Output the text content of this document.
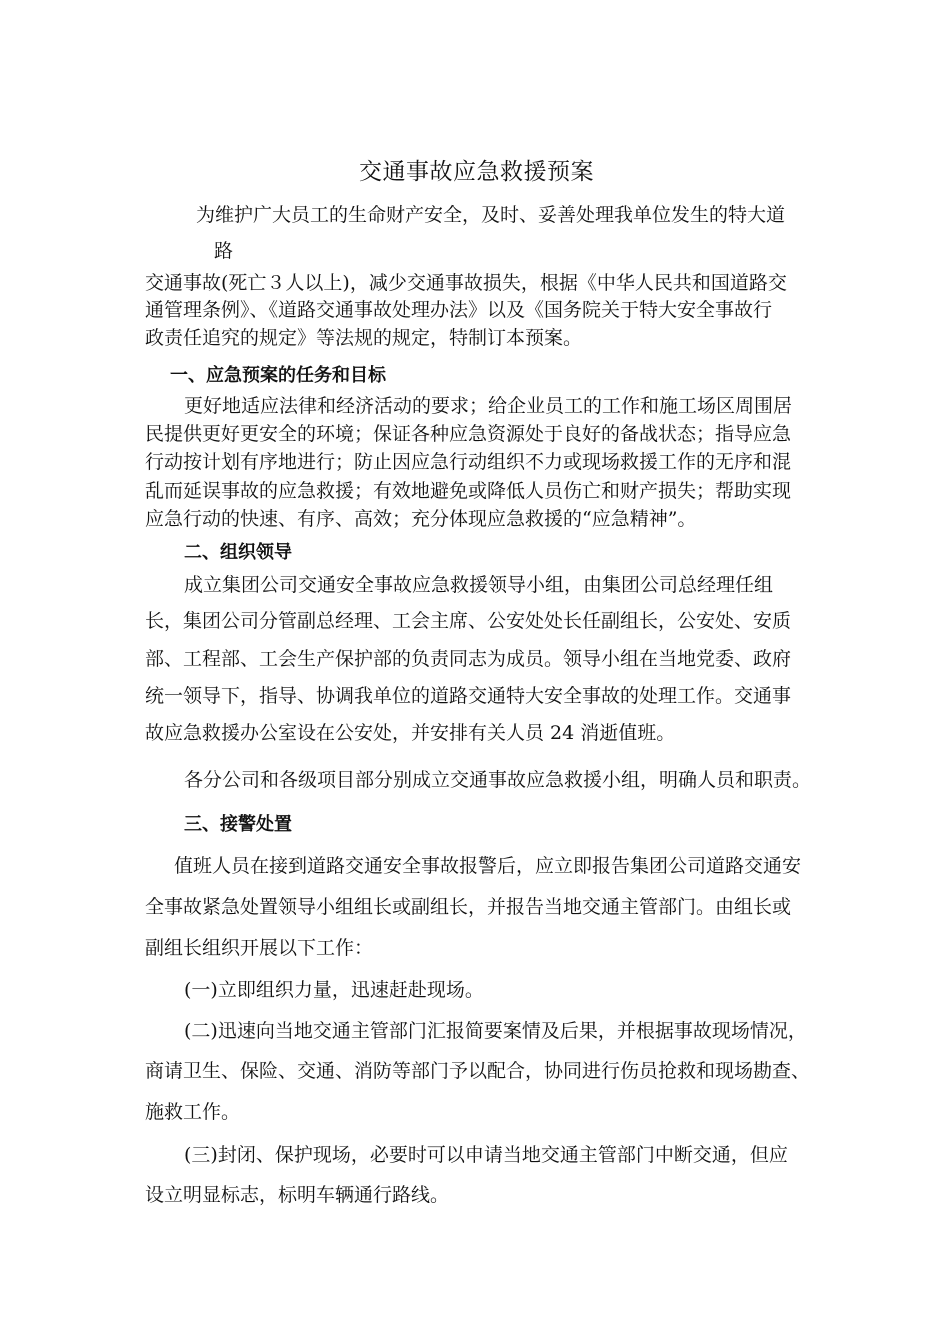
交通事故应急救援预案
为维护广大员工的生命财产安全，及时、妥善处理我单位发生的特大道
路
交通事故(死亡３人以上)，减少交通事故损失，根据《中华人民共和国道路交
通管理条例》、《道路交通事故处理办法》以及《国务院关于特大安全事故行
政责任追究的规定》等法规的规定，特制订本预案。
一、应急预案的任务和目标
更好地适应法律和经济活动的要求；给企业员工的工作和施工场区周围居
民提供更好更安全的环境；保证各种应急资源处于良好的备战状态；指导应急
行动按计划有序地进行；防止因应急行动组织不力或现场救援工作的无序和混
乱而延误事故的应急救援；有效地避免或降低人员伤亡和财产损失；帮助实现
应急行动的快速、有序、高效；充分体现应急救援的“应急精神”。
二、组织领导
成立集团公司交通安全事故应急救援领导小组，由集团公司总经理任组
长，集团公司分管副总经理、工会主席、公安处处长任副组长，公安处、安质
部、工程部、工会生产保护部的负责同志为成员。领导小组在当地党委、政府
统一领导下，指导、协调我单位的道路交通特大安全事故的处理工作。交通事
故应急救援办公室设在公安处，并安排有关人员 24 消逝值班。
各分公司和各级项目部分别成立交通事故应急救援小组，明确人员和职责。
三、接警处置
值班人员在接到道路交通安全事故报警后，应立即报告集团公司道路交通安
全事故紧急处置领导小组组长或副组长，并报告当地交通主管部门。由组长或
副组长组织开展以下工作：
(一)立即组织力量，迅速赶赴现场。
(二)迅速向当地交通主管部门汇报简要案情及后果，并根据事故现场情况，
商请卫生、保险、交通、消防等部门予以配合，协同进行伤员抢救和现场勘查、
施救工作。
(三)封闭、保护现场，必要时可以申请当地交通主管部门中断交通，但应
设立明显标志，标明车辆通行路线。
